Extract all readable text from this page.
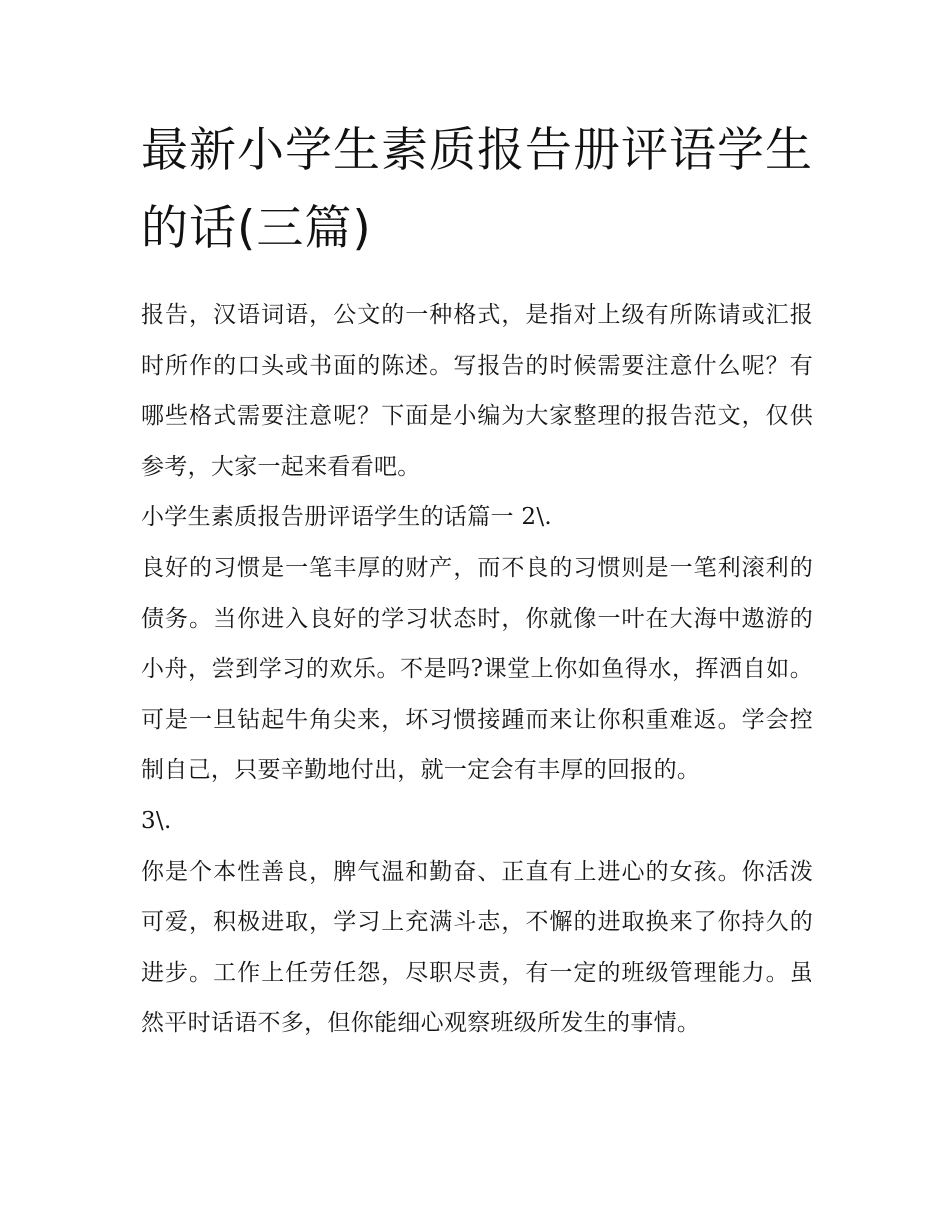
最新小学生素质报告册评语学生的话(三篇)

报告，汉语词语，公文的一种格式，是指对上级有所陈请或汇报时所作的口头或书面的陈述。写报告的时候需要注意什么呢？有哪些格式需要注意呢？下面是小编为大家整理的报告范文，仅供参考，大家一起来看看吧。

小学生素质报告册评语学生的话篇一 2\.

良好的习惯是一笔丰厚的财产，而不良的习惯则是一笔利滚利的债务。当你进入良好的学习状态时，你就像一叶在大海中遨游的小舟，尝到学习的欢乐。不是吗?课堂上你如鱼得水，挥洒自如。可是一旦钻起牛角尖来，坏习惯接踵而来让你积重难返。学会控制自己，只要辛勤地付出，就一定会有丰厚的回报的。

3\.

你是个本性善良，脾气温和勤奋、正直有上进心的女孩。你活泼可爱，积极进取，学习上充满斗志，不懈的进取换来了你持久的进步。工作上任劳任怨，尽职尽责，有一定的班级管理能力。虽然平时话语不多，但你能细心观察班级所发生的事情。
